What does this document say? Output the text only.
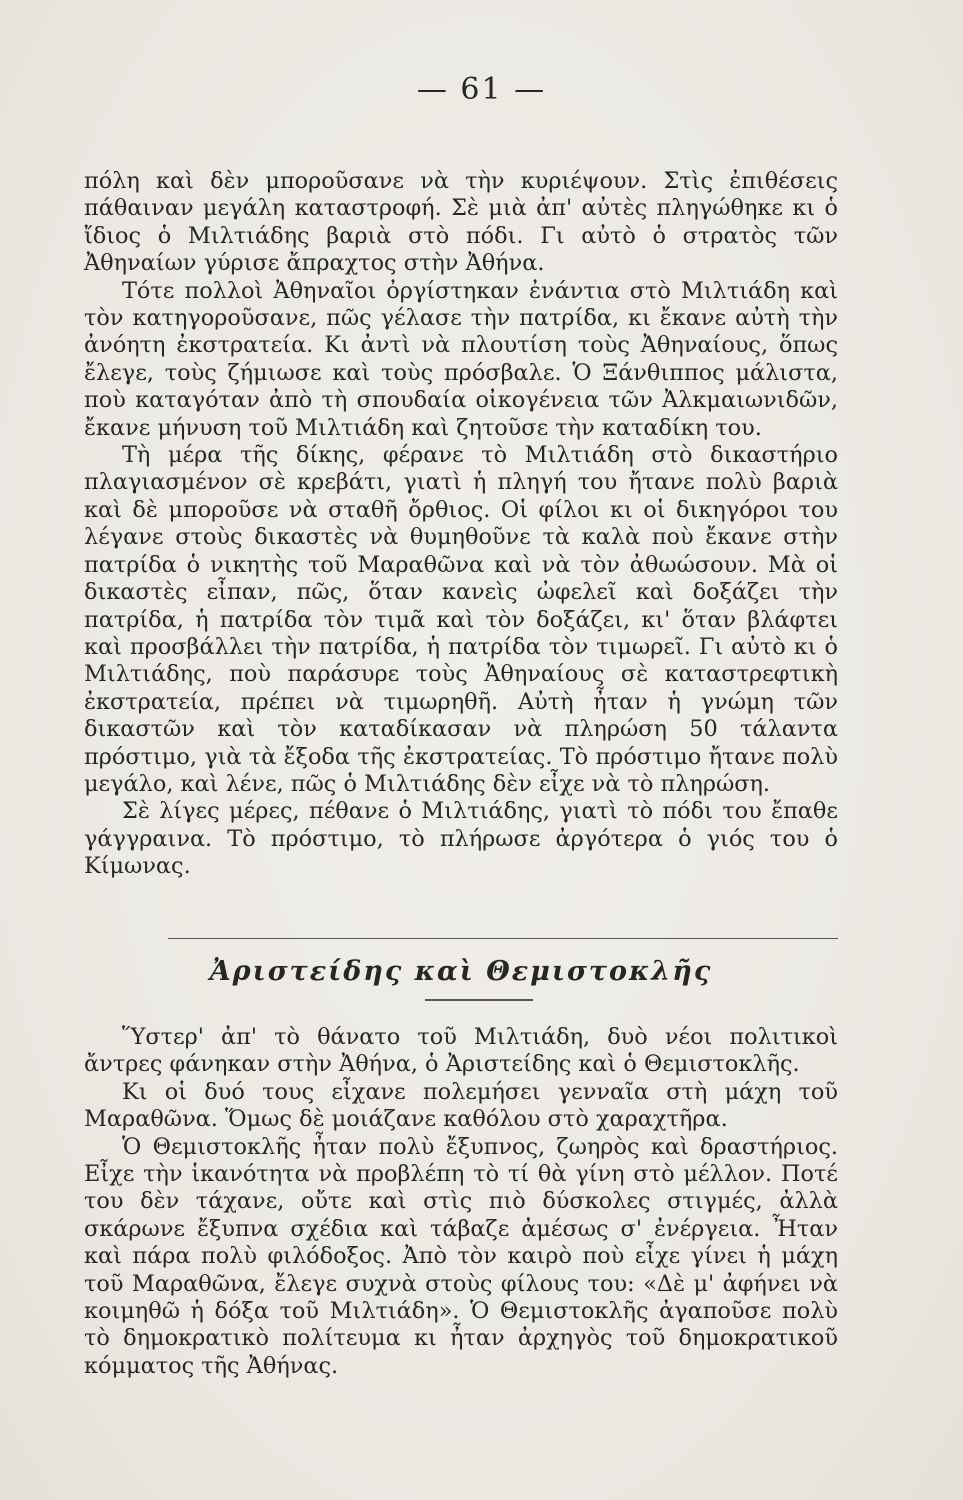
— 61 —

πόλη καὶ δὲν μποροῦσανε νὰ τὴν κυριέψουν. Στὶς ἐπιθέσεις πάθαιναν μεγάλη καταστροφή. Σὲ μιὰ ἀπ' αὐτὲς πληγώθηκε κι ὁ ἴδιος ὁ Μιλτιάδης βαριὰ στὸ πόδι. Γι αὐτὸ ὁ στρατὸς τῶν Ἀθηναίων γύρισε ἄπραχτος στὴν Ἀθήνα.

Τότε πολλοὶ Ἀθηναῖοι ὀργίστηκαν ἐνάντια στὸ Μιλτιάδη καὶ τὸν κατηγοροῦσανε, πῶς γέλασε τὴν πατρίδα, κι ἔκανε αὐτὴ τὴν ἀνόητη ἐκστρατεία. Κι ἀντὶ νὰ πλουτίση τοὺς Ἀθηναίους, ὅπως ἔλεγε, τοὺς ζήμιωσε καὶ τοὺς πρόσβαλε. Ὁ Ξάνθιππος μάλιστα, ποὺ καταγόταν ἀπὸ τὴ σπουδαία οἰκογένεια τῶν Ἀλκμαιωνιδῶν, ἔκανε μήνυση τοῦ Μιλτιάδη καὶ ζητοῦσε τὴν καταδίκη του.

Τὴ μέρα τῆς δίκης, φέρανε τὸ Μιλτιάδη στὸ δικαστήριο πλαγιασμένον σὲ κρεβάτι, γιατὶ ἡ πληγή του ἤτανε πολὺ βαριὰ καὶ δὲ μποροῦσε νὰ σταθῆ ὄρθιος. Οἱ φίλοι κι οἱ δικηγόροι του λέγανε στοὺς δικαστὲς νὰ θυμηθοῦνε τὰ καλὰ ποὺ ἔκανε στὴν πατρίδα ὁ νικητὴς τοῦ Μαραθῶνα καὶ νὰ τὸν ἀθωώσουν. Μὰ οἱ δικαστὲς εἶπαν, πῶς, ὅταν κανεὶς ὠφελεῖ καὶ δοξάζει τὴν πατρίδα, ἡ πατρίδα τὸν τιμᾶ καὶ τὸν δοξάζει, κι' ὅταν βλάφτει καὶ προσβάλλει τὴν πατρίδα, ἡ πατρίδα τὸν τιμωρεῖ. Γι αὐτὸ κι ὁ Μιλτιάδης, ποὺ παράσυρε τοὺς Ἀθηναίους σὲ καταστρεφτικὴ ἐκστρατεία, πρέπει νὰ τιμωρηθῆ. Αὐτὴ ἦταν ἡ γνώμη τῶν δικαστῶν καὶ τὸν καταδίκασαν νὰ πληρώση 50 τάλαντα πρόστιμο, γιὰ τὰ ἔξοδα τῆς ἐκστρατείας. Τὸ πρόστιμο ἤτανε πολὺ μεγάλο, καὶ λένε, πῶς ὁ Μιλτιάδης δὲν εἶχε νὰ τὸ πληρώση.

Σὲ λίγες μέρες, πέθανε ὁ Μιλτιάδης, γιατὶ τὸ πόδι του ἔπαθε γάγγραινα. Τὸ πρόστιμο, τὸ πλήρωσε ἀργότερα ὁ γιός του ὁ Κίμωνας.

Ἀριστείδης καὶ Θεμιστοκλῆς

Ὕστερ' ἀπ' τὸ θάνατο τοῦ Μιλτιάδη, δυὸ νέοι πολιτικοὶ ἄντρες φάνηκαν στὴν Ἀθήνα, ὁ Ἀριστείδης καὶ ὁ Θεμιστοκλῆς.

Κι οἱ δυό τους εἶχανε πολεμήσει γενναῖα στὴ μάχη τοῦ Μαραθῶνα. Ὅμως δὲ μοιάζανε καθόλου στὸ χαραχτῆρα.

Ὁ Θεμιστοκλῆς ἦταν πολὺ ἔξυπνος, ζωηρὸς καὶ δραστήριος. Εἶχε τὴν ἱκανότητα νὰ προβλέπη τὸ τί θὰ γίνη στὸ μέλλον. Ποτέ του δὲν τάχανε, οὔτε καὶ στὶς πιὸ δύσκολες στιγμές, ἀλλὰ σκάρωνε ἔξυπνα σχέδια καὶ τάβαζε ἀμέσως σ' ἐνέργεια. Ἦταν καὶ πάρα πολὺ φιλόδοξος. Ἀπὸ τὸν καιρὸ ποὺ εἶχε γίνει ἡ μάχη τοῦ Μαραθῶνα, ἔλεγε συχνὰ στοὺς φίλους του: «Δὲ μ' ἀφήνει νὰ κοιμηθῶ ἡ δόξα τοῦ Μιλτιάδη». Ὁ Θεμιστοκλῆς ἀγαποῦσε πολὺ τὸ δημοκρατικὸ πολίτευμα κι ἦταν ἀρχηγὸς τοῦ δημοκρατικοῦ κόμματος τῆς Ἀθήνας.
